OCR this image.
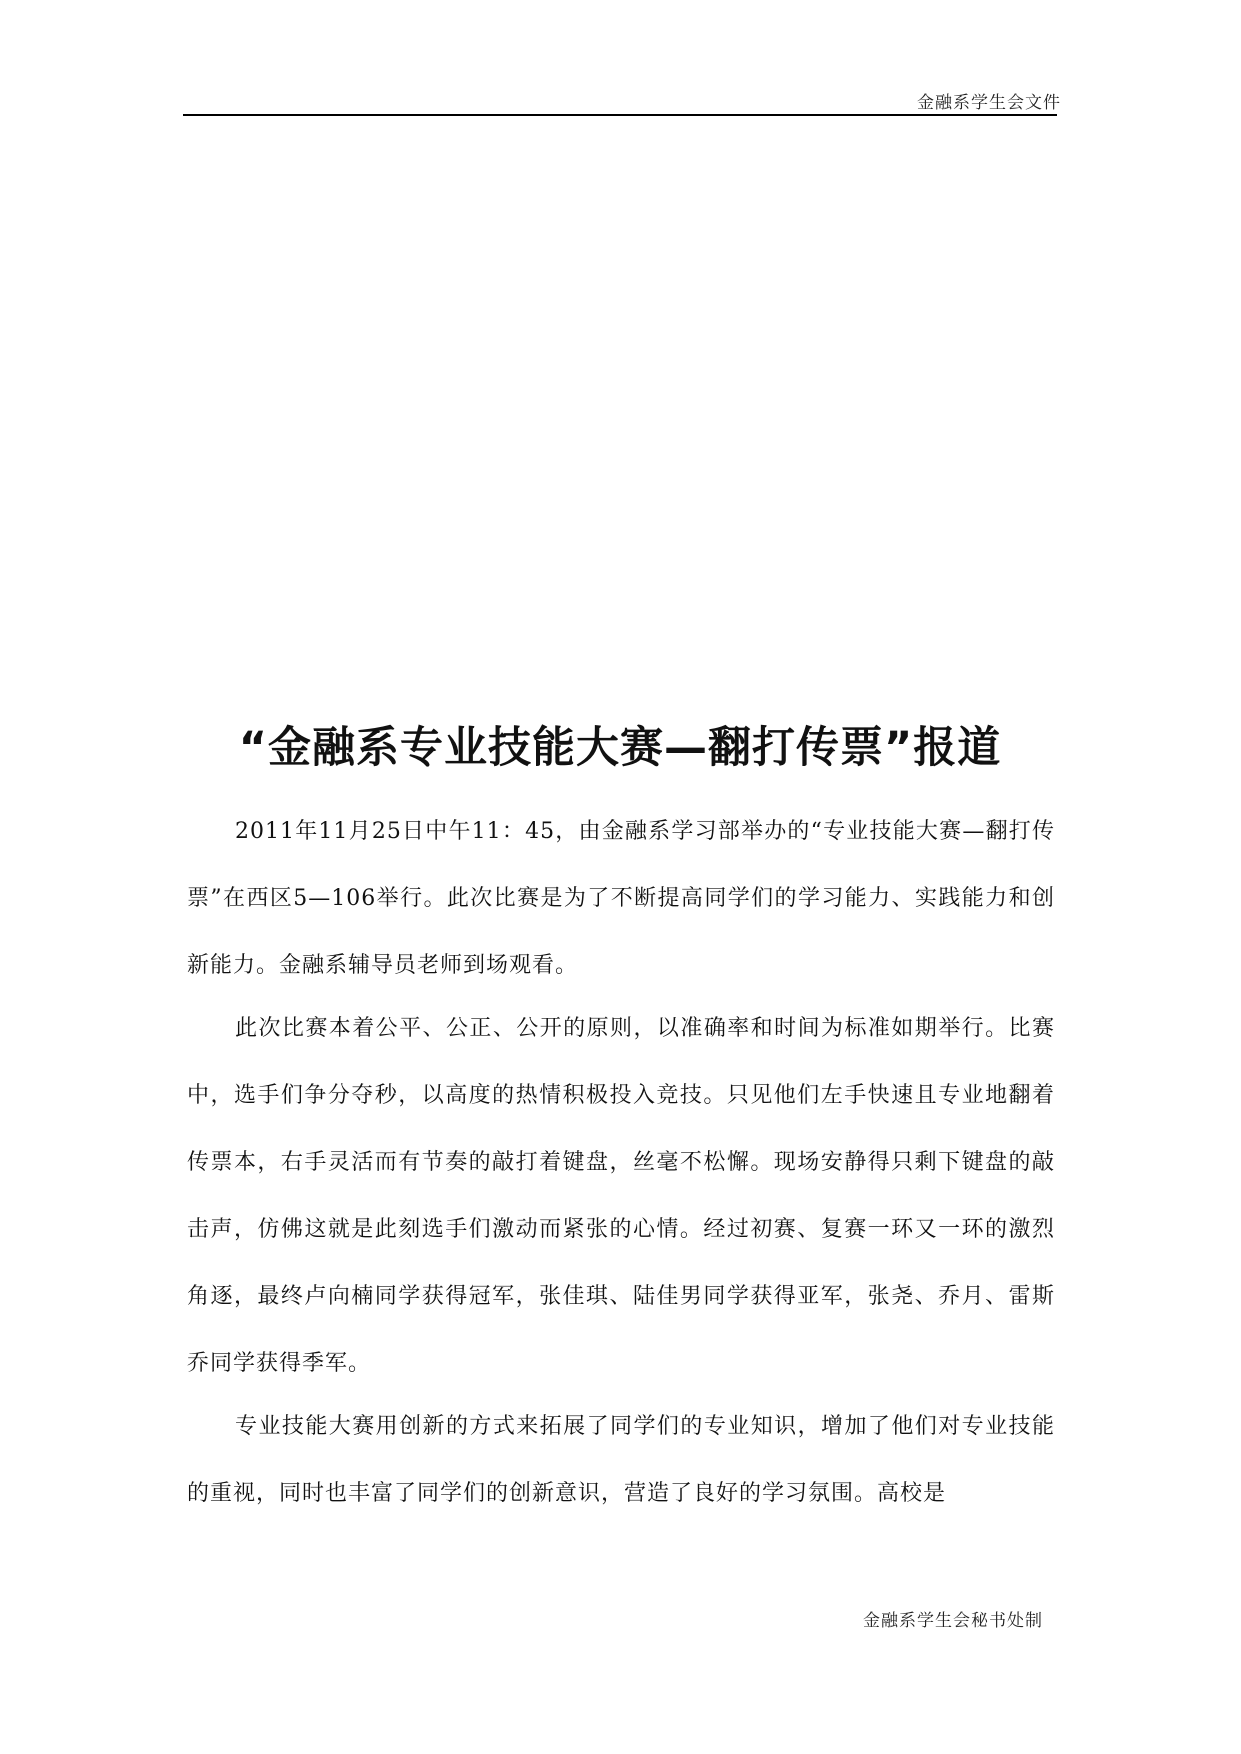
金融系学生会文件
“金融系专业技能大赛—翻打传票”报道

2011年11月25日中午11：45，由金融系学习部举办的“专业技能大赛—翻打传票”在西区5—106举行。此次比赛是为了不断提高同学们的学习能力、实践能力和创新能力。金融系辅导员老师到场观看。

此次比赛本着公平、公正、公开的原则，以准确率和时间为标准如期举行。比赛中，选手们争分夺秒，以高度的热情积极投入竞技。只见他们左手快速且专业地翻着传票本，右手灵活而有节奏的敲打着键盘，丝毫不松懈。现场安静得只剩下键盘的敲击声，仿佛这就是此刻选手们激动而紧张的心情。经过初赛、复赛一环又一环的激烈角逐，最终卢向楠同学获得冠军，张佳琪、陆佳男同学获得亚军，张尧、乔月、雷斯乔同学获得季军。

专业技能大赛用创新的方式来拓展了同学们的专业知识，增加了他们对专业技能的重视，同时也丰富了同学们的创新意识，营造了良好的学习氛围。高校是

金融系学生会秘书处制
